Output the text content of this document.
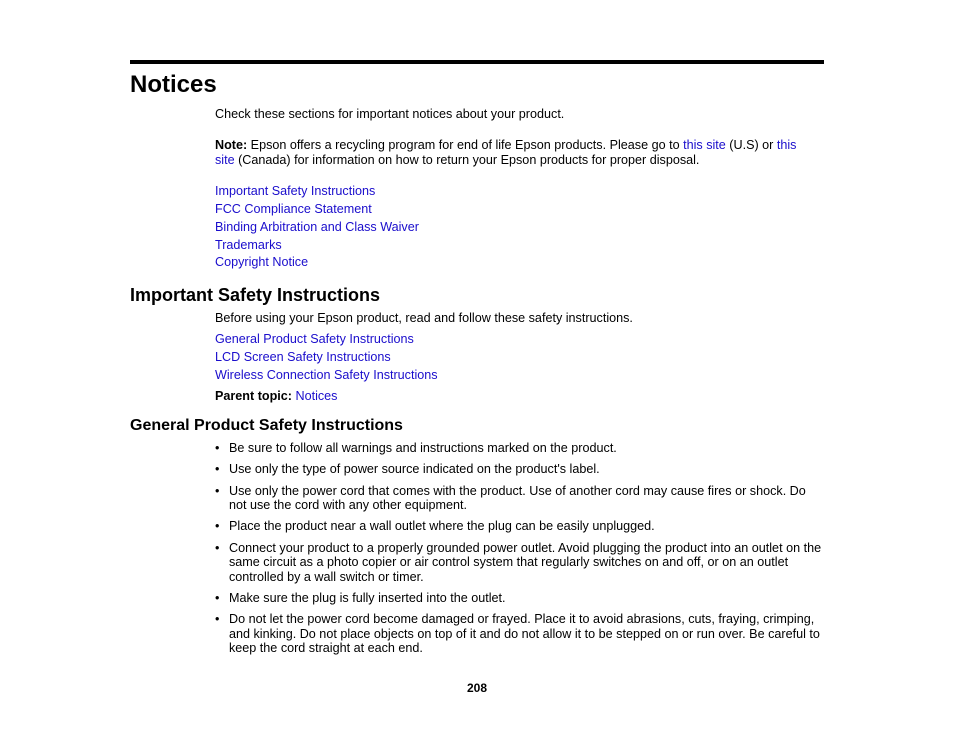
Notices

Check these sections for important notices about your product.

Note: Epson offers a recycling program for end of life Epson products. Please go to this site (U.S) or this
site (Canada) for information on how to return your Epson products for proper disposal.

Important Safety Instructions
FCC Compliance Statement
Binding Arbitration and Class Waiver
Trademarks
Copyright Notice
Important Safety Instructions

Before using your Epson product, read and follow these safety instructions.

General Product Safety Instructions
LCD Screen Safety Instructions
Wireless Connection Safety Instructions

Parent topic: Notices

General Product Safety Instructions
• Be sure to follow all warnings and instructions marked on the product.
• Use only the type of power source indicated on the product's label.
• Use only the power cord that comes with the product. Use of another cord may cause fires or shock. Do not use the cord with any other equipment.
• Place the product near a wall outlet where the plug can be easily unplugged.
• Connect your product to a properly grounded power outlet. Avoid plugging the product into an outlet on the same circuit as a photo copier or air control system that regularly switches on and off, or on an outlet controlled by a wall switch or timer.
• Make sure the plug is fully inserted into the outlet.
• Do not let the power cord become damaged or frayed. Place it to avoid abrasions, cuts, fraying, crimping, and kinking. Do not place objects on top of it and do not allow it to be stepped on or run over. Be careful to keep the cord straight at each end.
208
